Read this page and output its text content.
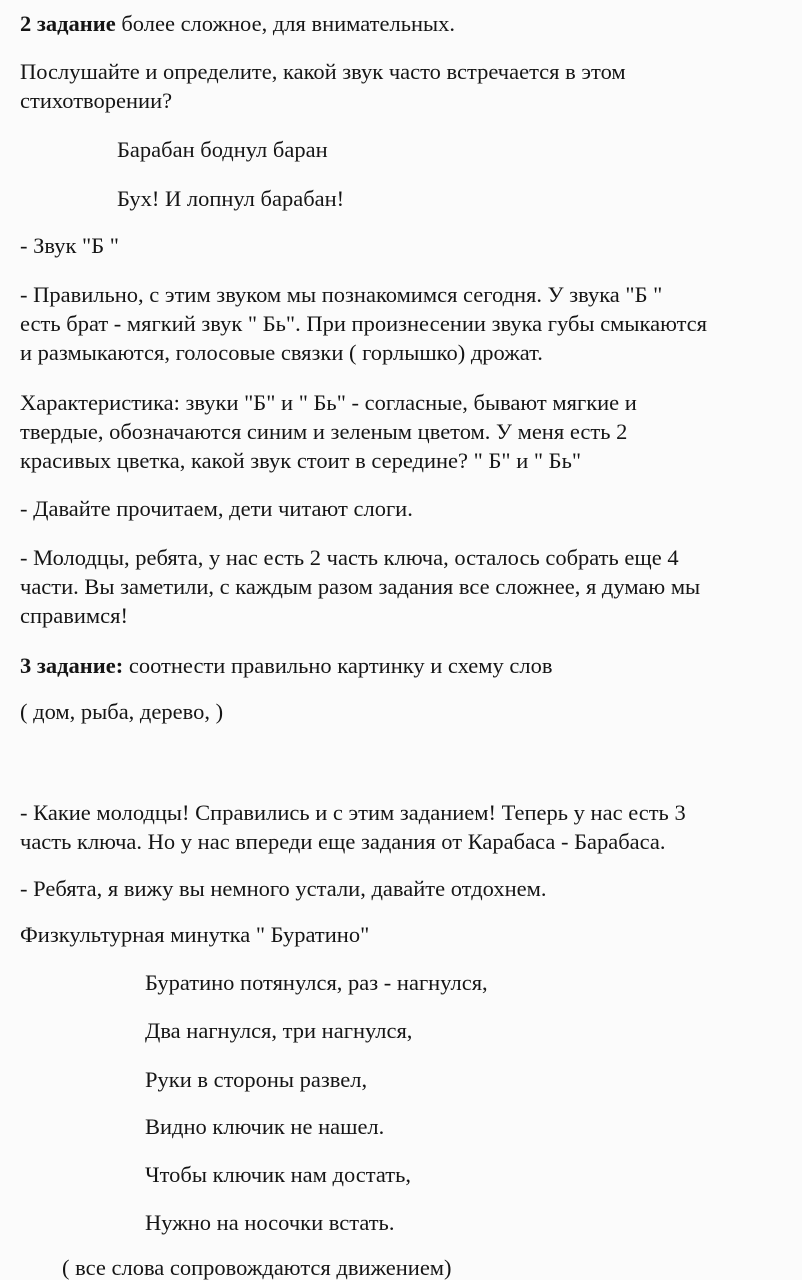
2 задание более сложное, для внимательных.

Послушайте и определите, какой звук часто встречается в этом
стихотворении?

Барабан боднул баран

Бух! И лопнул барабан!

- Звук "Б "

- Правильно, с этим звуком мы познакомимся сегодня. У звука "Б "
есть брат - мягкий звук " Бь". При произнесении звука губы смыкаются
и размыкаются, голосовые связки ( горлышко) дрожат.

Характеристика: звуки "Б" и " Бь" - согласные, бывают мягкие и
твердые, обозначаются синим и зеленым цветом. У меня есть 2
красивых цветка, какой звук стоит в середине? " Б" и " Бь"

- Давайте прочитаем, дети читают слоги.

- Молодцы, ребята, у нас есть 2 часть ключа, осталось собрать еще 4
части. Вы заметили, с каждым разом задания все сложнее, я думаю мы
справимся!

3 задание: соотнести правильно картинку и схему слов

( дом, рыба, дерево, )

- Какие молодцы! Справились и с этим заданием! Теперь у нас есть 3
часть ключа. Но у нас впереди еще задания от Карабаса - Барабаса.

- Ребята, я вижу вы немного устали, давайте отдохнем.

Физкультурная минутка " Буратино"

Буратино потянулся, раз - нагнулся,

Два нагнулся, три нагнулся,

Руки в стороны развел,

Видно ключик не нашел.

Чтобы ключик нам достать,

Нужно на носочки встать.

( все слова сопровождаются движением)
